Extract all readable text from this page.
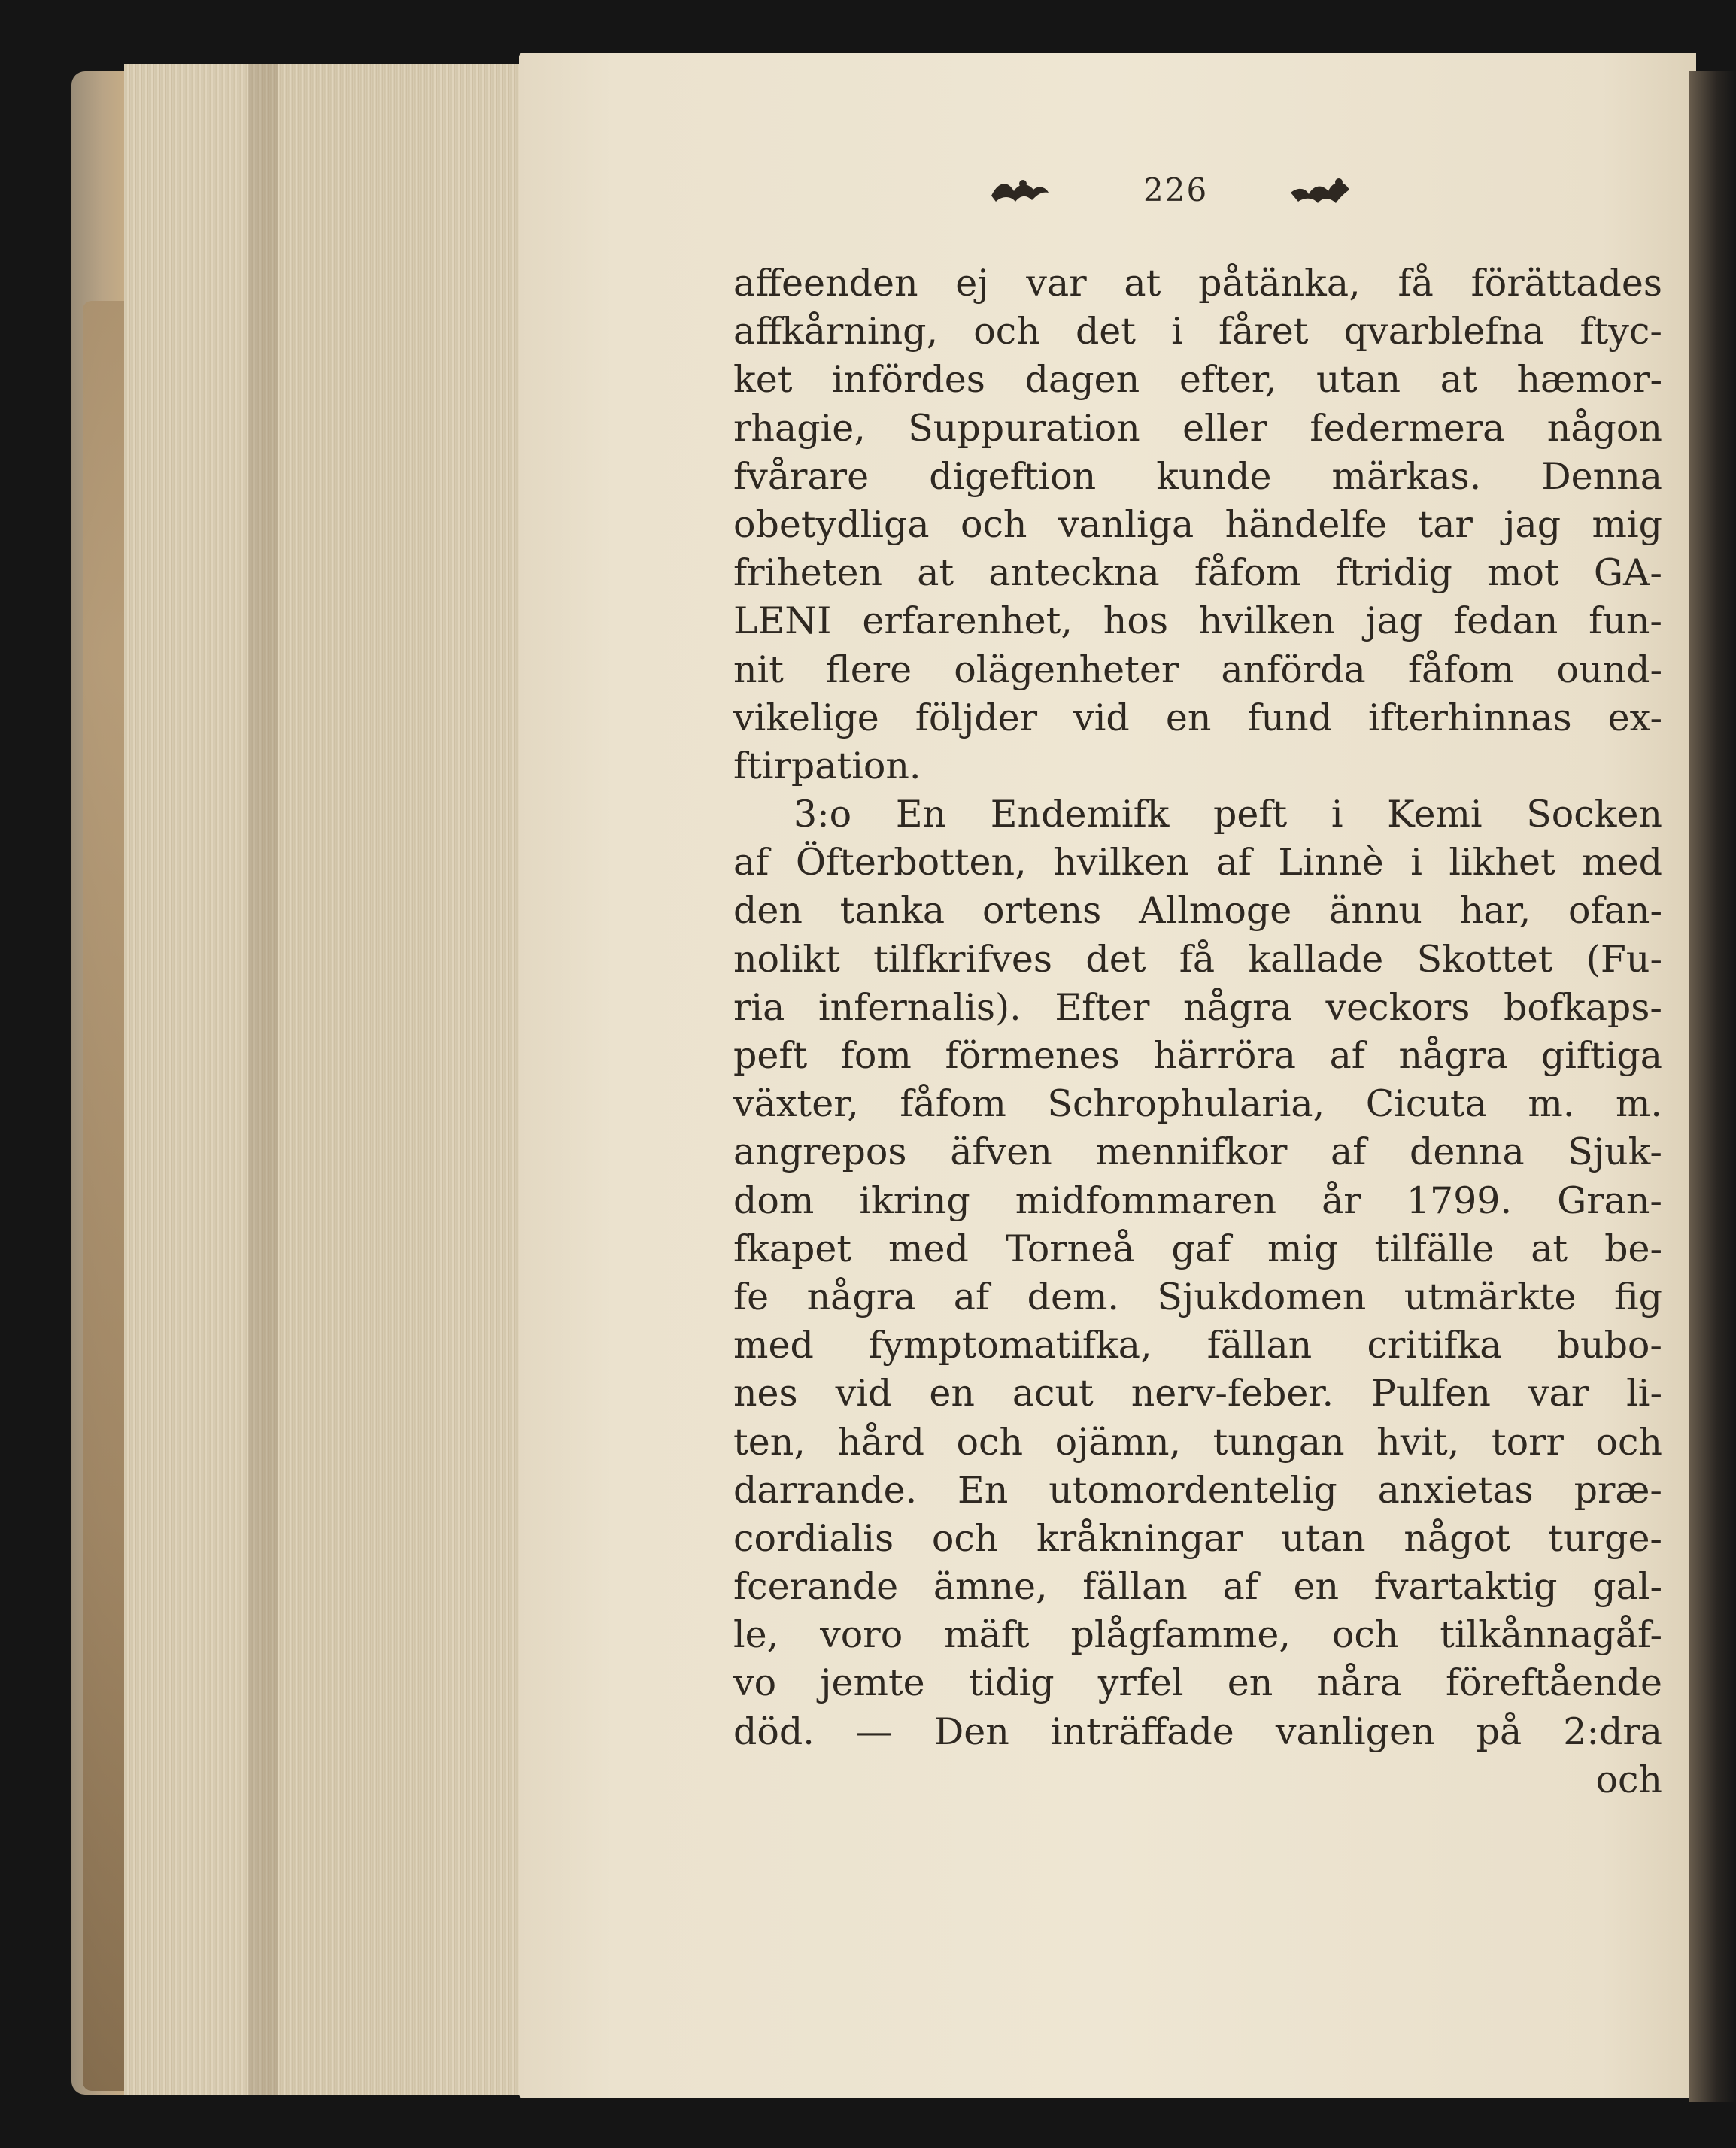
226
affeenden ej var at påtänka, få förättades
affkårning, och det i fåret qvarblefna ftyc-
ket infördes dagen efter, utan at hæmor-
rhagie, Suppuration eller federmera någon
fvårare digeftion kunde märkas. Denna
obetydliga och vanliga händelfe tar jag mig
friheten at anteckna fåfom ftridig mot GA-
LENI erfarenhet, hos hvilken jag fedan fun-
nit flere olägenheter anförda fåfom ound-
vikelige följder vid en fund ifterhinnas ex-
ftirpation.
3:o En Endemifk peft i Kemi Socken
af Öfterbotten, hvilken af Linnè i likhet med
den tanka ortens Allmoge ännu har, ofan-
nolikt tilfkrifves det få kallade Skottet (Fu-
ria infernalis). Efter några veckors bofkaps-
peft fom förmenes härröra af några giftiga
växter, fåfom Schrophularia, Cicuta m. m.
angrepos äfven mennifkor af denna Sjuk-
dom ikring midfommaren år 1799. Gran-
fkapet med Torneå gaf mig tilfälle at be-
fe några af dem. Sjukdomen utmärkte fig
med fymptomatifka, fällan critifka bubo-
nes vid en acut nerv-feber. Pulfen var li-
ten, hård och ojämn, tungan hvit, torr och
darrande. En utomordentelig anxietas præ-
cordialis och kråkningar utan något turge-
fcerande ämne, fällan af en fvartaktig gal-
le, voro mäft plågfamme, och tilkånnagåf-
vo jemte tidig yrfel en nåra föreftående
död. — Den inträffade vanligen på 2:dra
och
